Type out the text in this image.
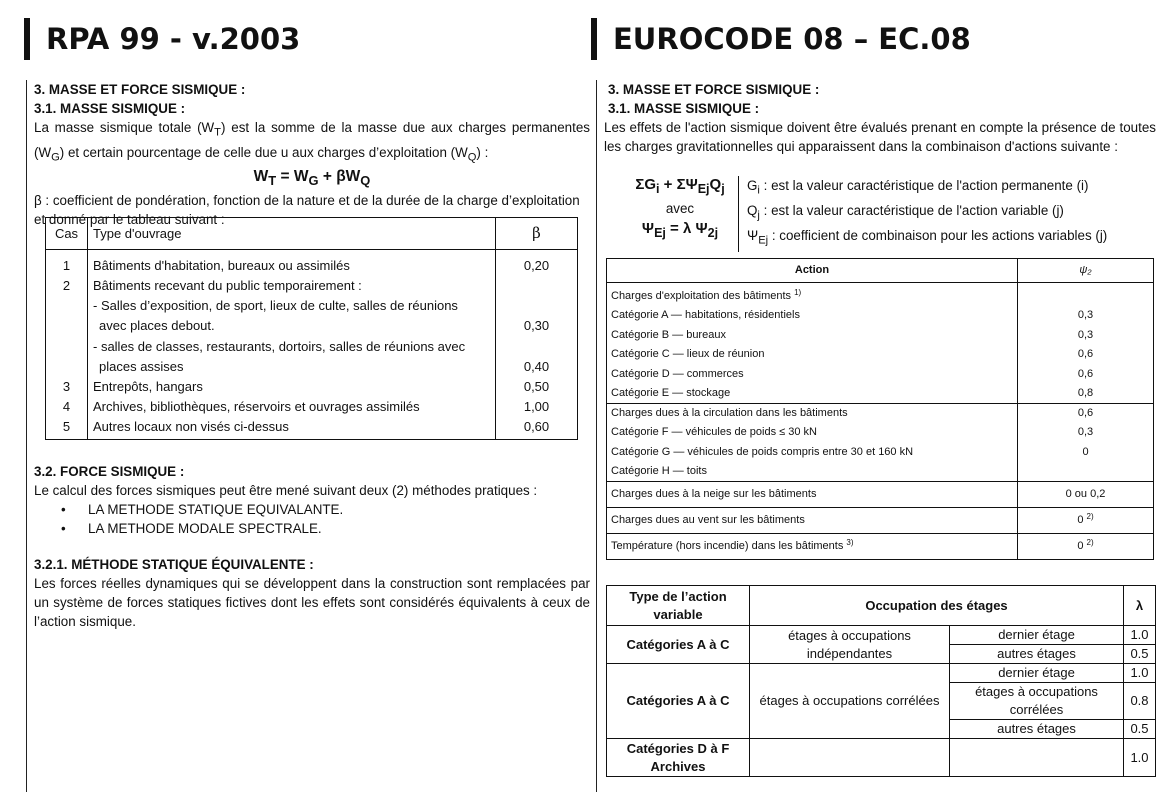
RPA 99 - v.2003	EUROCODE 08 – EC.08
3. MASSE ET FORCE SISMIQUE :
3.1. MASSE SISMIQUE :
La masse sismique totale $(W_T)$ est la somme de la masse due aux charges permanentes $(W_G)$ et certain pourcentage de celle due u aux charges d’exploitation $(W_Q)$ :
$W_T = W_G + \beta W_Q$
β : coefficient de pondération, fonction de la nature et de la durée de la charge d’exploitation et donné par le tableau suivant :
Cas	Type d'ouvrage	β
1	Bâtiments d'habitation, bureaux ou assimilés	0,20
2	Bâtiments recevant du public temporairement :	
	- Salles d’exposition, de sport, lieux de culte, salles de réunions	
	avec places debout.	0,30
	- salles de classes, restaurants, dortoirs, salles de réunions avec	
	places assises	0,40
3	Entrepôts, hangars	0,50
4	Archives, bibliothèques, réservoirs et ouvrages assimilés	1,00
5	Autres locaux non visés ci-dessus	0,60
3.2. FORCE SISMIQUE :
Le calcul des forces sismiques peut être mené suivant deux (2) méthodes pratiques :
• LA METHODE STATIQUE EQUIVALANTE.
• LA METHODE MODALE SPECTRALE.
3.2.1. MÉTHODE STATIQUE ÉQUIVALENTE :
Les forces réelles dynamiques qui se développent dans la construction sont remplacées par un système de forces statiques fictives dont les effets sont considérés équivalents à ceux de l’action sismique.
3. MASSE ET FORCE SISMIQUE :
3.1. MASSE SISMIQUE :
Les effets de l'action sismique doivent être évalués prenant en compte la présence de toutes les charges gravitationnelles qui apparaissent dans la combinaison d'actions suivante :
$\Sigma G_i + \Sigma\Psi_{Ej}Q_j$
avec
$\Psi_{Ej} = \lambda$ $\Psi_{2j}$
$G_i$ : est la valeur caractéristique de l'action permanente (i)
$Q_j$ : est la valeur caractéristique de l'action variable (j)
$\Psi_{Ej}$ : coefficient de combinaison pour les actions variables (j)
Action	ψ₂
Charges d'exploitation des bâtiments $^{1)}$	
Catégorie A — habitations, résidentiels	0,3
Catégorie B — bureaux	0,3
Catégorie C — lieux de réunion	0,6
Catégorie D — commerces	0,6
Catégorie E — stockage	0,8
Charges dues à la circulation dans les bâtiments	0,6
Catégorie F — véhicules de poids ≤ 30 kN	0,3
Catégorie G — véhicules de poids compris entre 30 et 160 kN	0
Catégorie H — toits	
Charges dues à la neige sur les bâtiments	0 ou 0,2
Charges dues au vent sur les bâtiments	0 $^{2)}$
Température (hors incendie) dans les bâtiments $^{3)}$	0 $^{2)}$
Type de l’action variable	Occupation des étages		λ
Catégories A à C	étages à occupations indépendantes	dernier étage	1.0
		autres étages	0.5
Catégories A à C	étages à occupations corrélées	dernier étage	1.0
		étages à occupations corrélées	0.8
		autres étages	0.5
Catégories D à F Archives			1.0
